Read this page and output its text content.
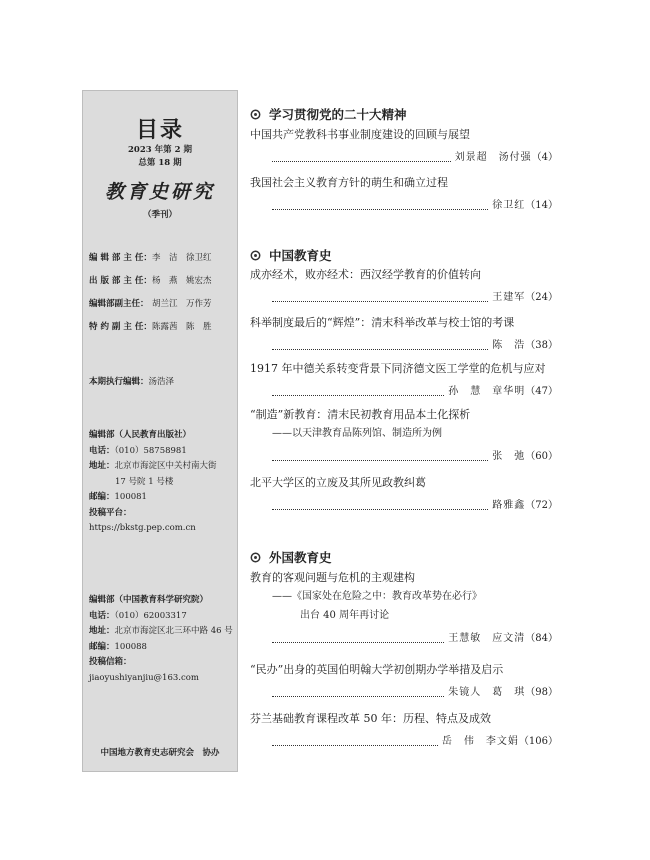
目录
2023 年第 2 期
总第 18 期
教育史研究
（季刊）
编 辑 部 主 任：李　洁　徐卫红
出 版 部 主 任：杨　燕　姚宏杰
编辑部副主任： 胡兰江　万作芳
特 约 副 主 任：陈露茜　陈　胜
本期执行编辑：汤浩泽
编辑部（人民教育出版社）
电话：（010）58758981
地址：北京市海淀区中关村南大街
17 号院 1 号楼
邮编：100081
投稿平台：https://bkstg.pep.com.cn
编辑部（中国教育科学研究院）
电话：（010）62003317
地址：北京市海淀区北三环中路 46 号
邮编：100088
投稿信箱：jiaoyushiyanjiu@163.com
中国地方教育史志研究会　协办
学习贯彻党的二十大精神
中国共产党教科书事业制度建设的回顾与展望
刘景超　汤付强 （4）
我国社会主义教育方针的萌生和确立过程
徐卫红 （14）
中国教育史
成亦经术，败亦经术：西汉经学教育的价值转向
王建军 （24）
科举制度最后的“辉煌”：清末科举改革与校士馆的考课
陈　浩 （38）
1917 年中德关系转变背景下同济德文医工学堂的危机与应对
孙　慧　章华明 （47）
“制造”新教育：清末民初教育用品本土化探析
——以天津教育品陈列馆、制造所为例
张　弛 （60）
北平大学区的立废及其所见政教纠葛
路雅鑫 （72）
外国教育史
教育的客观问题与危机的主观建构
——《国家处在危险之中：教育改革势在必行》
出台 40 周年再讨论
王慧敏　应文清 （84）
“民办”出身的英国伯明翰大学初创期办学举措及启示
朱镜人　葛　琪 （98）
芬兰基础教育课程改革 50 年：历程、特点及成效
岳　伟　李文娟 （106）
